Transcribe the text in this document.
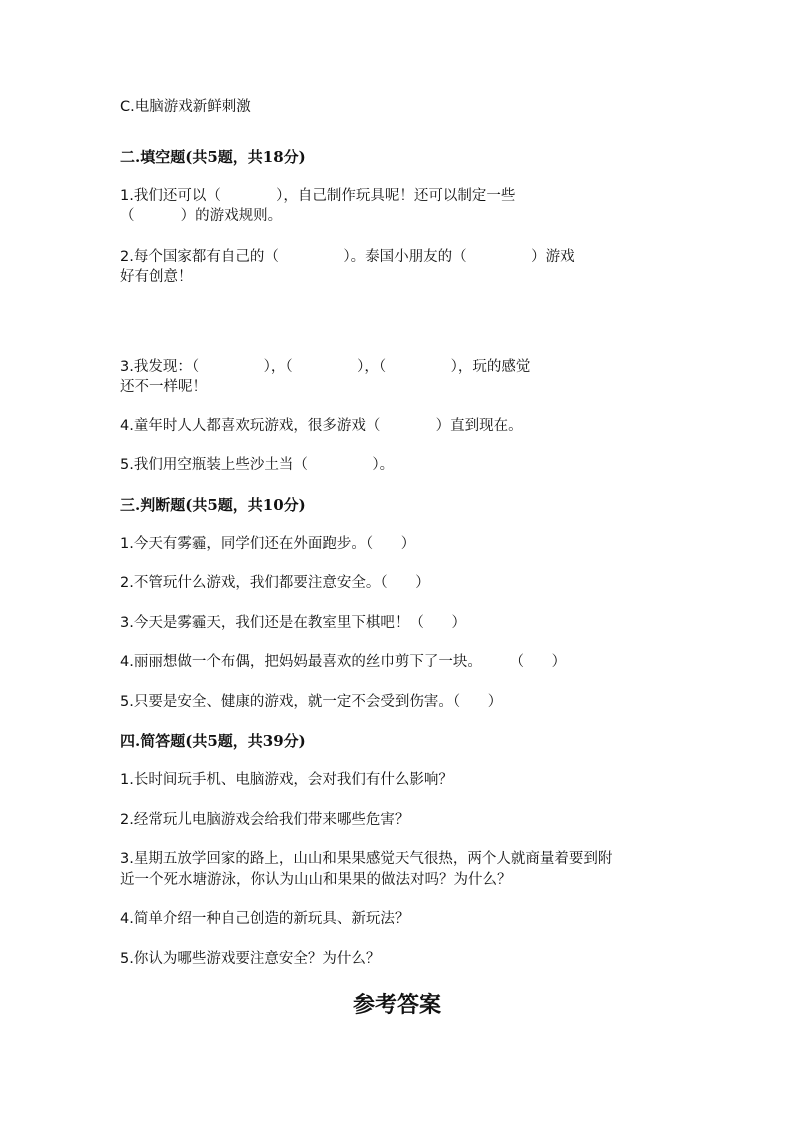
C.电脑游戏新鲜刺激
二.填空题(共5题，共18分)
1.我们还可以（            ），自己制作玩具呢！还可以制定一些
（          ）的游戏规则。
2.每个国家都有自己的（              ）。泰国小朋友的（              ）游戏
好有创意！
3.我发现：（              ），（              ），（              ），玩的感觉
还不一样呢！
4.童年时人人都喜欢玩游戏，很多游戏（            ）直到现在。
5.我们用空瓶装上些沙土当（              ）。
三.判断题(共5题，共10分)
1.今天有雾霾，同学们还在外面跑步。（      ）
2.不管玩什么游戏，我们都要注意安全。（      ）
3.今天是雾霾天，我们还是在教室里下棋吧！（      ）
4.丽丽想做一个布偶，把妈妈最喜欢的丝巾剪下了一块。      （      ）
5.只要是安全、健康的游戏，就一定不会受到伤害。（      ）
四.简答题(共5题，共39分)
1.长时间玩手机、电脑游戏，会对我们有什么影响？
2.经常玩儿电脑游戏会给我们带来哪些危害？
3.星期五放学回家的路上，山山和果果感觉天气很热，两个人就商量着要到附
近一个死水塘游泳，你认为山山和果果的做法对吗？为什么？
4.简单介绍一种自己创造的新玩具、新玩法？
5.你认为哪些游戏要注意安全？为什么？
参考答案
